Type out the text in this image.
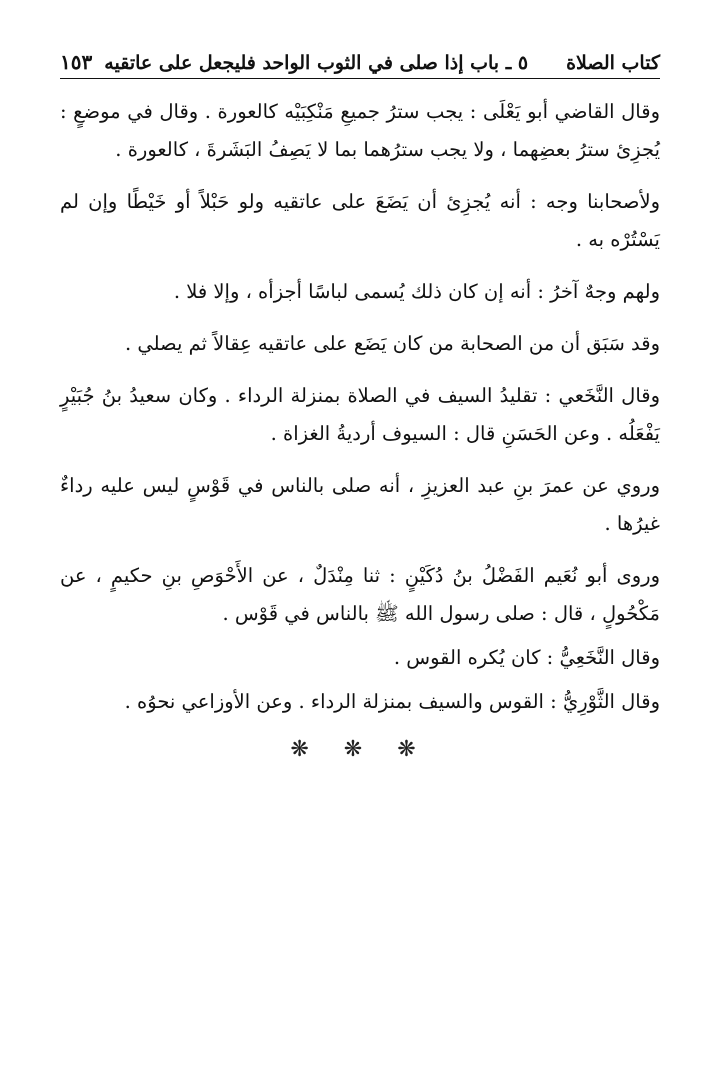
كتاب الصلاة
٥ ـ باب إذا صلى في الثوب الواحد فليجعل على عاتقيه
١٥٣

وقال القاضي أبو يَعْلَى : يجب سترُ جميعِ مَنْكِبَيْه كالعورة . وقال في موضعٍ : يُجزِئ سترُ بعضِهما ، ولا يجب سترُهما بما لا يَصِفُ البَشَرةَ ، كالعورة .

ولأصحابنا وجه : أنه يُجزِئ أن يَضَعَ على عاتقيه ولو حَبْلاً أو خَيْطًا وإن لم يَسْتُرْه به .

ولهم وجهٌ آخرُ : أنه إن كان ذلك يُسمى لباسًا أجزأه ، وإلا فلا .

وقد سَبَق أن من الصحابة من كان يَضَع على عاتقيه عِقالاً ثم يصلي .

وقال النَّخَعي : تقليدُ السيف في الصلاة بمنزلة الرداء . وكان سعيدُ بنُ جُبَيْرٍ يَفْعَلُه . وعن الحَسَنِ قال : السيوف أرديةُ الغزاة .

وروي عن عمرَ بنِ عبد العزيزِ ، أنه صلى بالناس في قَوْسٍ ليس عليه رداءٌ غيرُها .

وروى أبو نُعَيم الفَضْلُ بنُ دُكَيْنٍ : ثنا مِنْدَلٌ ، عن الأَحْوَصِ بنِ حكيمٍ ، عن مَكْحُولٍ ، قال : صلى رسول الله ﷺ بالناس في قَوْس .

وقال النَّخَعِيُّ : كان يُكره القوس .

وقال الثَّوْرِيُّ : القوس والسيف بمنزلة الرداء . وعن الأوزاعي نحوُه .

❋ ❋ ❋
